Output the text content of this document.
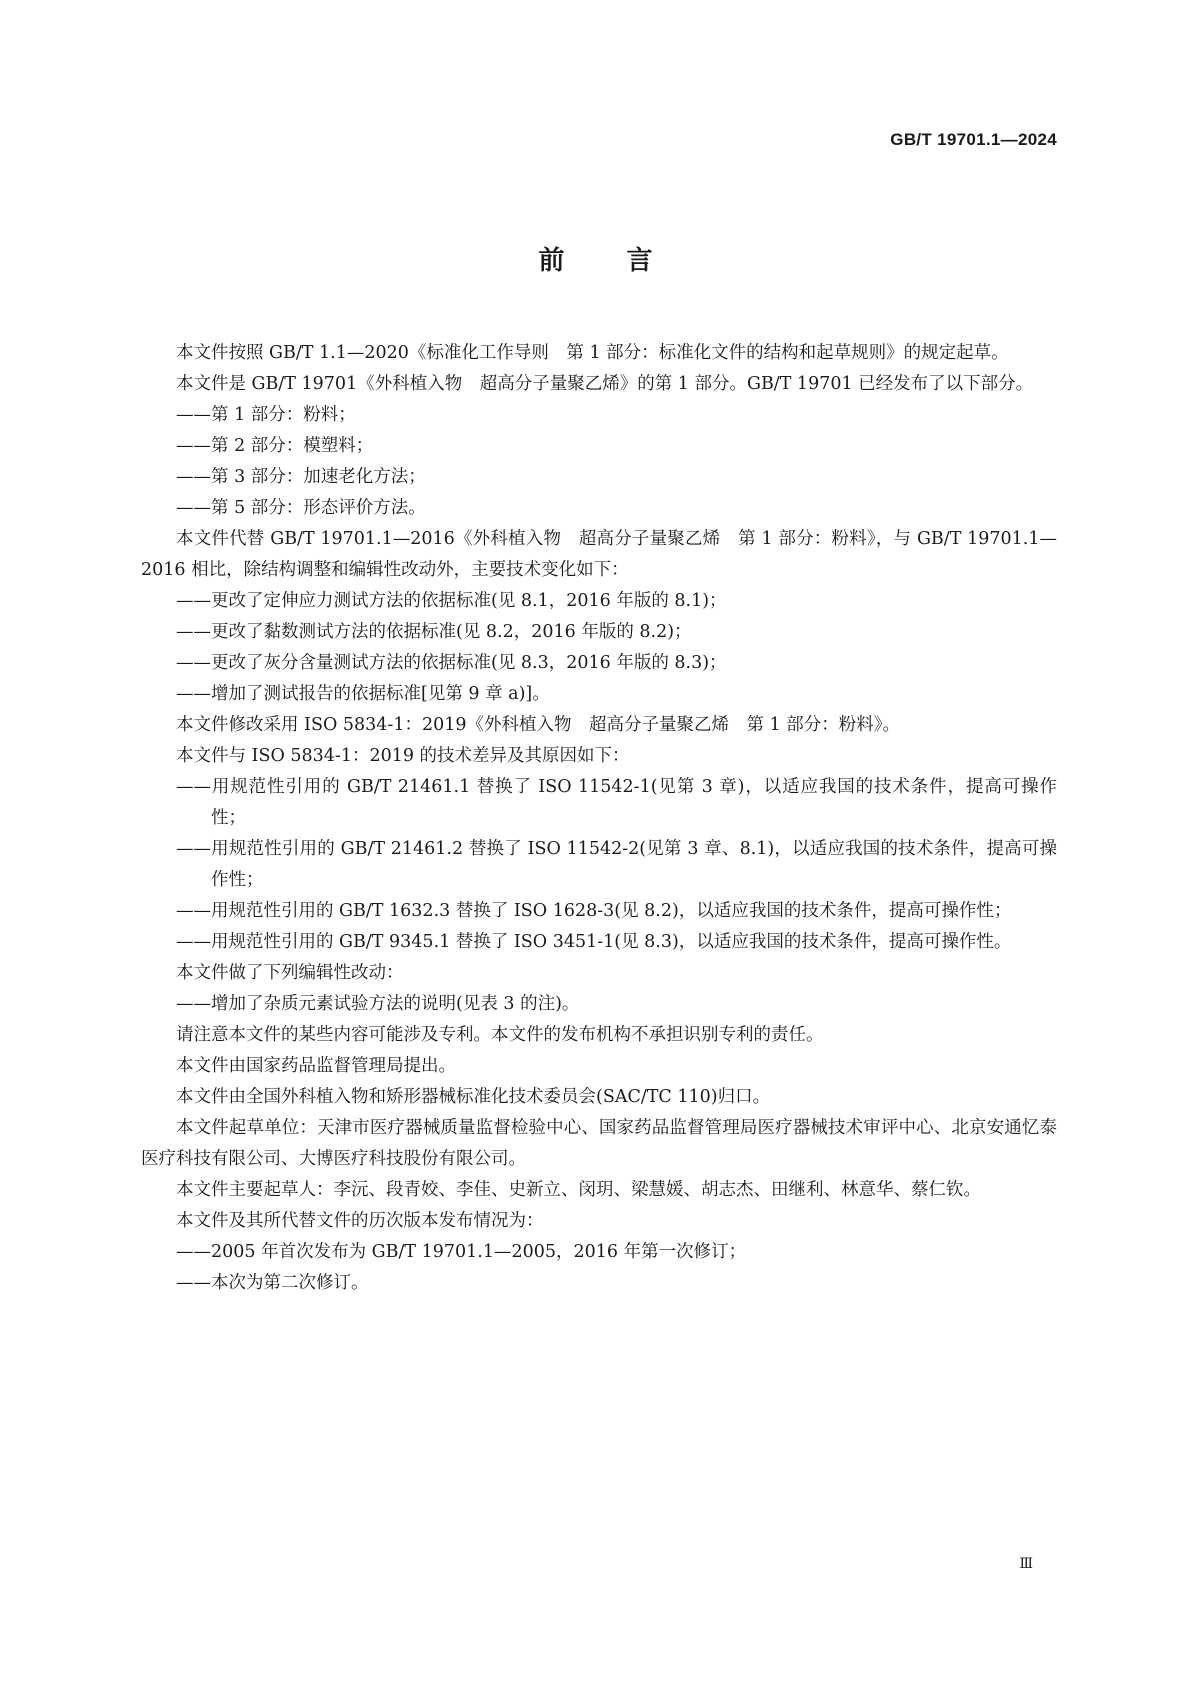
GB/T 19701.1—2024
前言

本文件按照 GB/T 1.1—2020《标准化工作导则　第 1 部分：标准化文件的结构和起草规则》的规定起草。

本文件是 GB/T 19701《外科植入物　超高分子量聚乙烯》的第 1 部分。GB/T 19701 已经发布了以下部分。

——第 1 部分：粉料；

——第 2 部分：模塑料；

——第 3 部分：加速老化方法；

——第 5 部分：形态评价方法。

本文件代替 GB/T 19701.1—2016《外科植入物　超高分子量聚乙烯　第 1 部分：粉料》，与 GB/T 19701.1—2016 相比，除结构调整和编辑性改动外，主要技术变化如下：

——更改了定伸应力测试方法的依据标准(见 8.1，2016 年版的 8.1)；

——更改了黏数测试方法的依据标准(见 8.2，2016 年版的 8.2)；

——更改了灰分含量测试方法的依据标准(见 8.3，2016 年版的 8.3)；

——增加了测试报告的依据标准[见第 9 章 a)]。

本文件修改采用 ISO 5834-1：2019《外科植入物　超高分子量聚乙烯　第 1 部分：粉料》。

本文件与 ISO 5834-1：2019 的技术差异及其原因如下：

——用规范性引用的 GB/T 21461.1 替换了 ISO 11542-1(见第 3 章)，以适应我国的技术条件，提高可操作性；

——用规范性引用的 GB/T 21461.2 替换了 ISO 11542-2(见第 3 章、8.1)，以适应我国的技术条件，提高可操作性；

——用规范性引用的 GB/T 1632.3 替换了 ISO 1628-3(见 8.2)，以适应我国的技术条件，提高可操作性；

——用规范性引用的 GB/T 9345.1 替换了 ISO 3451-1(见 8.3)，以适应我国的技术条件，提高可操作性。

本文件做了下列编辑性改动：

——增加了杂质元素试验方法的说明(见表 3 的注)。

请注意本文件的某些内容可能涉及专利。本文件的发布机构不承担识别专利的责任。

本文件由国家药品监督管理局提出。

本文件由全国外科植入物和矫形器械标准化技术委员会(SAC/TC 110)归口。

本文件起草单位：天津市医疗器械质量监督检验中心、国家药品监督管理局医疗器械技术审评中心、北京安通忆泰医疗科技有限公司、大博医疗科技股份有限公司。

本文件主要起草人：李沅、段青姣、李佳、史新立、闵玥、梁慧媛、胡志杰、田继利、林意华、蔡仁钦。

本文件及其所代替文件的历次版本发布情况为：

——2005 年首次发布为 GB/T 19701.1—2005，2016 年第一次修订；

——本次为第二次修订。

Ⅲ
